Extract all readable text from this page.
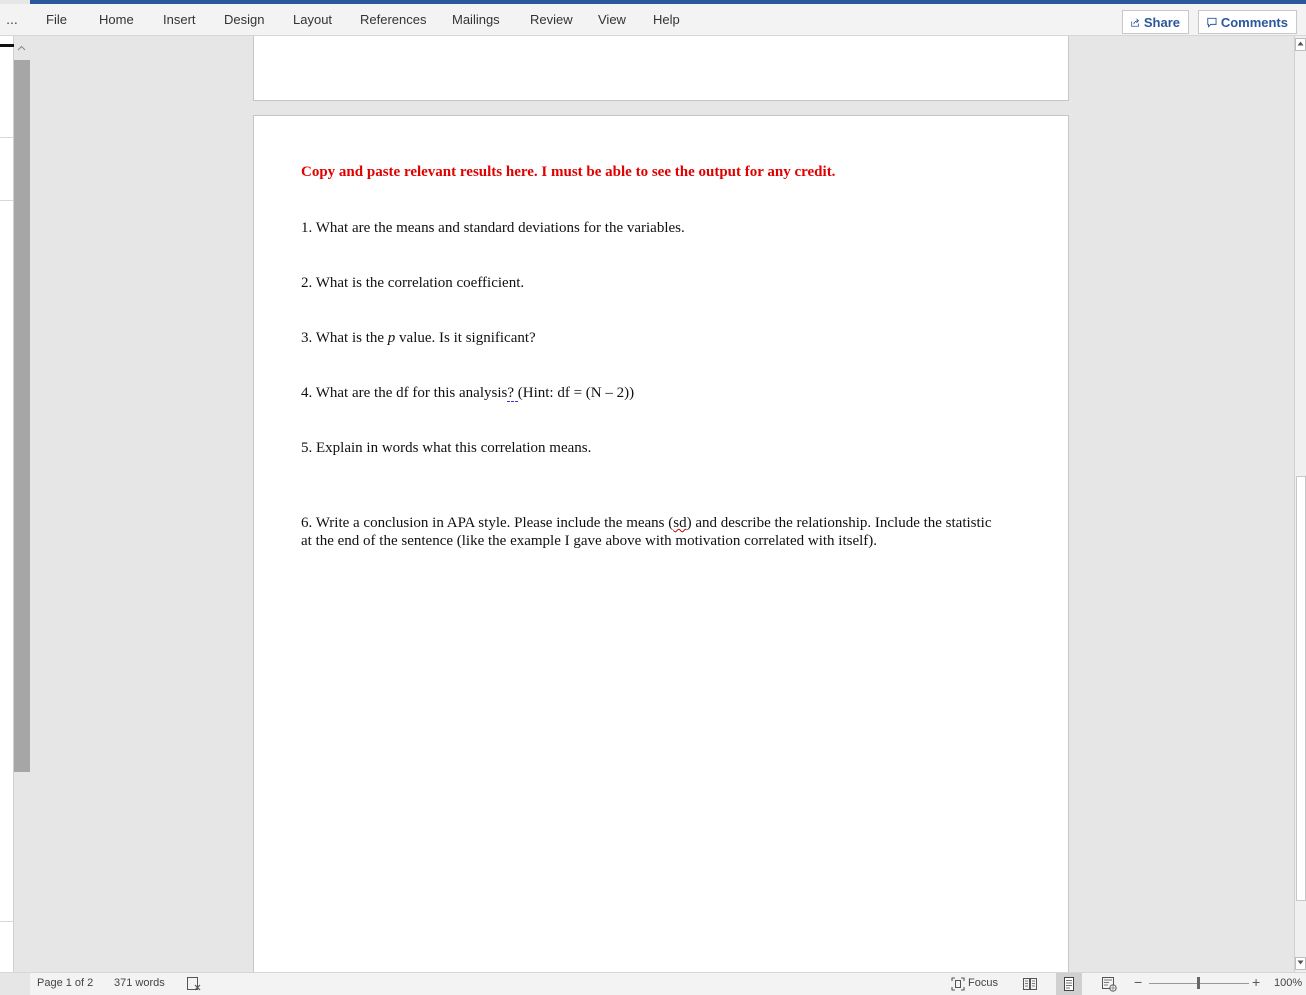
...	File Home Insert Design Layout References Mailings Review View Help	Share	Comments
Copy and paste relevant results here. I must be able to see the output for any credit.
1. What are the means and standard deviations for the variables.
2. What is the correlation coefficient.
3. What is the p value. Is it significant?
4. What are the df for this analysis? (Hint: df = (N – 2))
5. Explain in words what this correlation means.
6. Write a conclusion in APA style. Please include the means (sd) and describe the relationship. Include the statistic at the end of the sentence (like the example I gave above with motivation correlated with itself).
Page 1 of 2 371 words	Focus	−	+ 100%
